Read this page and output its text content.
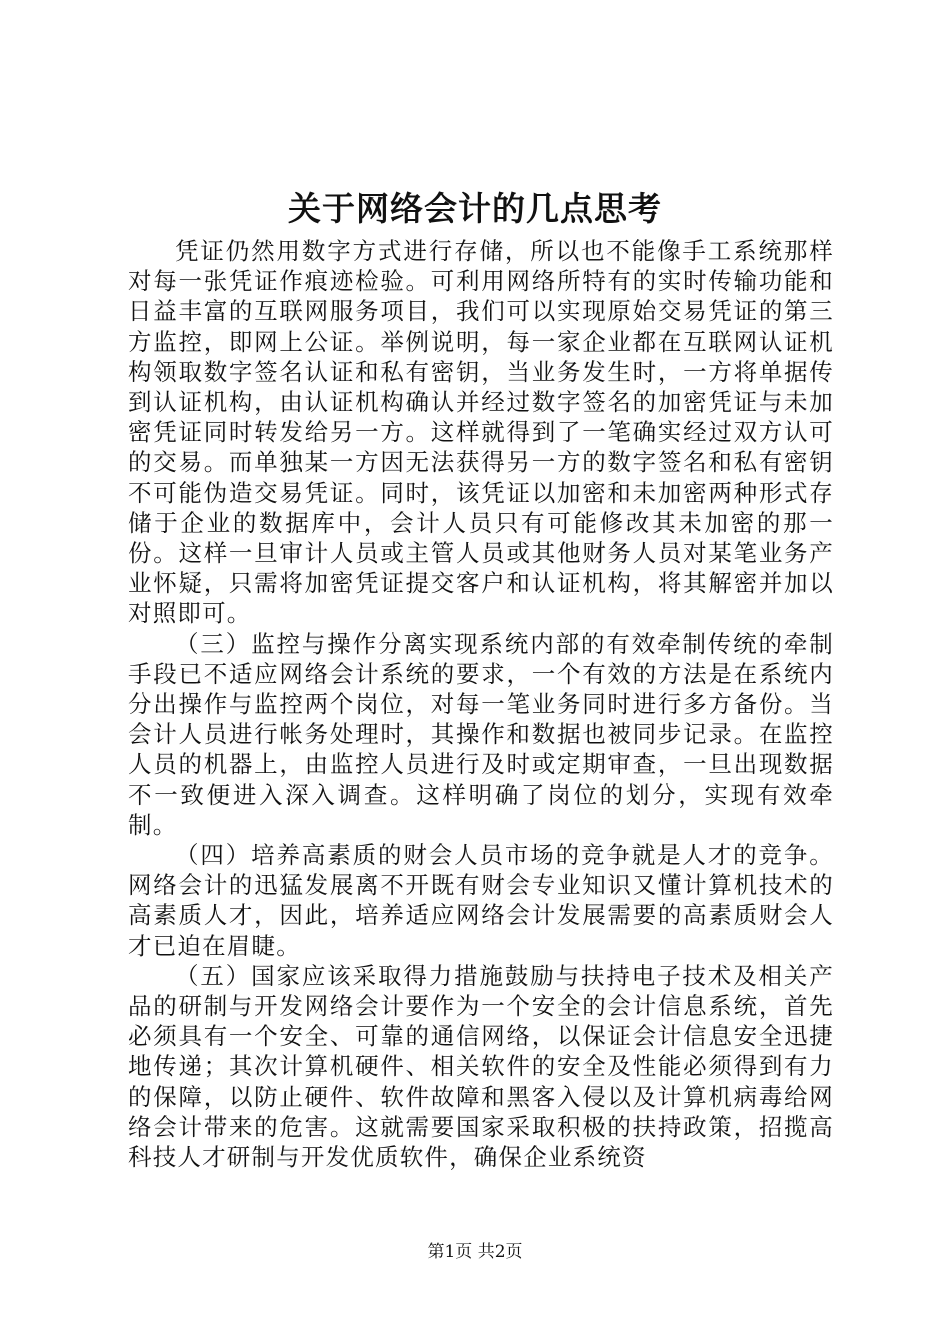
关于网络会计的几点思考

凭证仍然用数字方式进行存储，所以也不能像手工系统那样对每一张凭证作痕迹检验。可利用网络所特有的实时传输功能和日益丰富的互联网服务项目，我们可以实现原始交易凭证的第三方监控，即网上公证。举例说明，每一家企业都在互联网认证机构领取数字签名认证和私有密钥，当业务发生时，一方将单据传到认证机构，由认证机构确认并经过数字签名的加密凭证与未加密凭证同时转发给另一方。这样就得到了一笔确实经过双方认可的交易。而单独某一方因无法获得另一方的数字签名和私有密钥不可能伪造交易凭证。同时，该凭证以加密和未加密两种形式存储于企业的数据库中，会计人员只有可能修改其未加密的那一份。这样一旦审计人员或主管人员或其他财务人员对某笔业务产业怀疑，只需将加密凭证提交客户和认证机构，将其解密并加以对照即可。

（三）监控与操作分离实现系统内部的有效牵制传统的牵制手段已不适应网络会计系统的要求，一个有效的方法是在系统内分出操作与监控两个岗位，对每一笔业务同时进行多方备份。当会计人员进行帐务处理时，其操作和数据也被同步记录。在监控人员的机器上，由监控人员进行及时或定期审查，一旦出现数据不一致便进入深入调查。这样明确了岗位的划分，实现有效牵制。

（四）培养高素质的财会人员市场的竞争就是人才的竞争。网络会计的迅猛发展离不开既有财会专业知识又懂计算机技术的高素质人才，因此，培养适应网络会计发展需要的高素质财会人才已迫在眉睫。

（五）国家应该采取得力措施鼓励与扶持电子技术及相关产品的研制与开发网络会计要作为一个安全的会计信息系统，首先必须具有一个安全、可靠的通信网络，以保证会计信息安全迅捷地传递；其次计算机硬件、相关软件的安全及性能必须得到有力的保障，以防止硬件、软件故障和黑客入侵以及计算机病毒给网络会计带来的危害。这就需要国家采取积极的扶持政策，招揽高科技人才研制与开发优质软件，确保企业系统资

第1页 共2页
